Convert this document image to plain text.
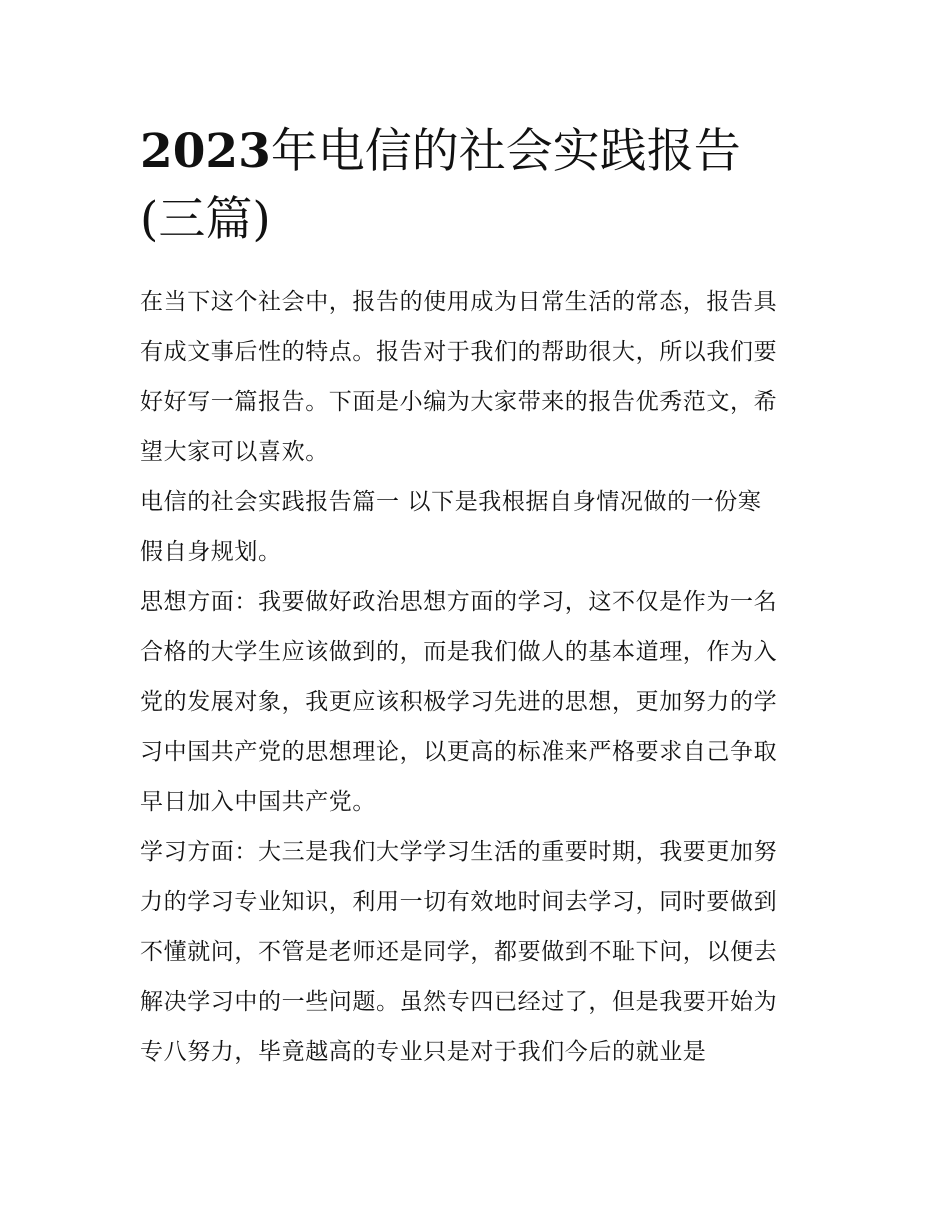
2023年电信的社会实践报告
(三篇)
在当下这个社会中，报告的使用成为日常生活的常态，报告具
有成文事后性的特点。报告对于我们的帮助很大，所以我们要
好好写一篇报告。下面是小编为大家带来的报告优秀范文，希
望大家可以喜欢。
电信的社会实践报告篇一 以下是我根据自身情况做的一份寒
假自身规划。
思想方面：我要做好政治思想方面的学习，这不仅是作为一名
合格的大学生应该做到的，而是我们做人的基本道理，作为入
党的发展对象，我更应该积极学习先进的思想，更加努力的学
习中国共产党的思想理论，以更高的标准来严格要求自己争取
早日加入中国共产党。
学习方面：大三是我们大学学习生活的重要时期，我要更加努
力的学习专业知识，利用一切有效地时间去学习，同时要做到
不懂就问，不管是老师还是同学，都要做到不耻下问，以便去
解决学习中的一些问题。虽然专四已经过了，但是我要开始为
专八努力，毕竟越高的专业只是对于我们今后的就业是
